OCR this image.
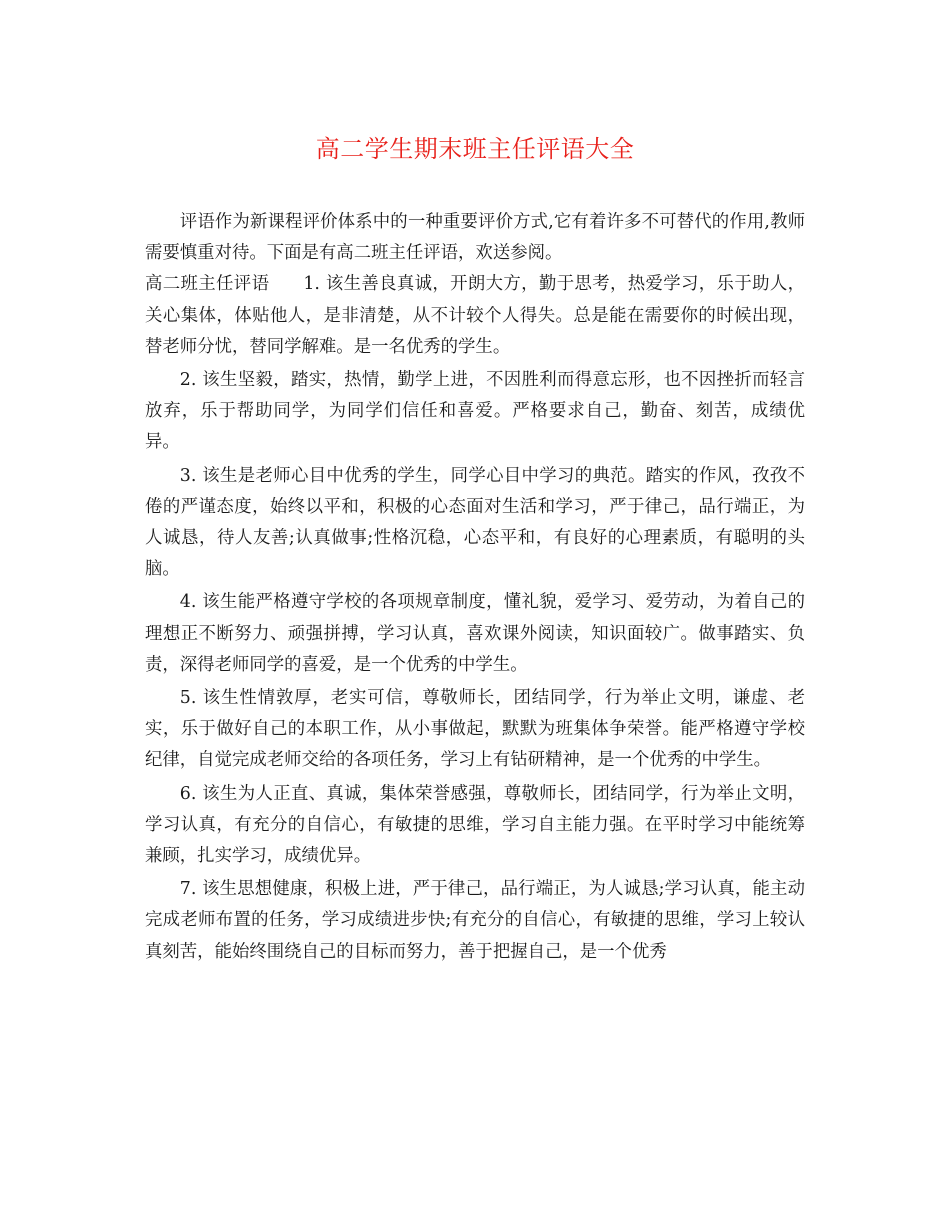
高二学生期末班主任评语大全

评语作为新课程评价体系中的一种重要评价方式,它有着许多不可替代的作用,教师需要慎重对待。下面是有高二班主任评语，欢送参阅。

高二班主任评语 1. 该生善良真诚，开朗大方，勤于思考，热爱学习，乐于助人，关心集体，体贴他人，是非清楚，从不计较个人得失。总是能在需要你的时候出现，替老师分忧，替同学解难。是一名优秀的学生。

2. 该生坚毅，踏实，热情，勤学上进，不因胜利而得意忘形，也不因挫折而轻言放弃，乐于帮助同学，为同学们信任和喜爱。严格要求自己，勤奋、刻苦，成绩优异。

3. 该生是老师心目中优秀的学生，同学心目中学习的典范。踏实的作风，孜孜不倦的严谨态度，始终以平和，积极的心态面对生活和学习，严于律己，品行端正，为人诚恳，待人友善;认真做事;性格沉稳，心态平和，有良好的心理素质，有聪明的头脑。

4. 该生能严格遵守学校的各项规章制度，懂礼貌，爱学习、爱劳动，为着自己的理想正不断努力、顽强拼搏，学习认真，喜欢课外阅读，知识面较广。做事踏实、负责，深得老师同学的喜爱，是一个优秀的中学生。

5. 该生性情敦厚，老实可信，尊敬师长，团结同学，行为举止文明，谦虚、老实，乐于做好自己的本职工作，从小事做起，默默为班集体争荣誉。能严格遵守学校纪律，自觉完成老师交给的各项任务，学习上有钻研精神，是一个优秀的中学生。

6. 该生为人正直、真诚，集体荣誉感强，尊敬师长，团结同学，行为举止文明，学习认真，有充分的自信心，有敏捷的思维，学习自主能力强。在平时学习中能统筹兼顾，扎实学习，成绩优异。

7. 该生思想健康，积极上进，严于律己，品行端正，为人诚恳;学习认真，能主动完成老师布置的任务，学习成绩进步快;有充分的自信心，有敏捷的思维，学习上较认真刻苦，能始终围绕自己的目标而努力，善于把握自己，是一个优秀
